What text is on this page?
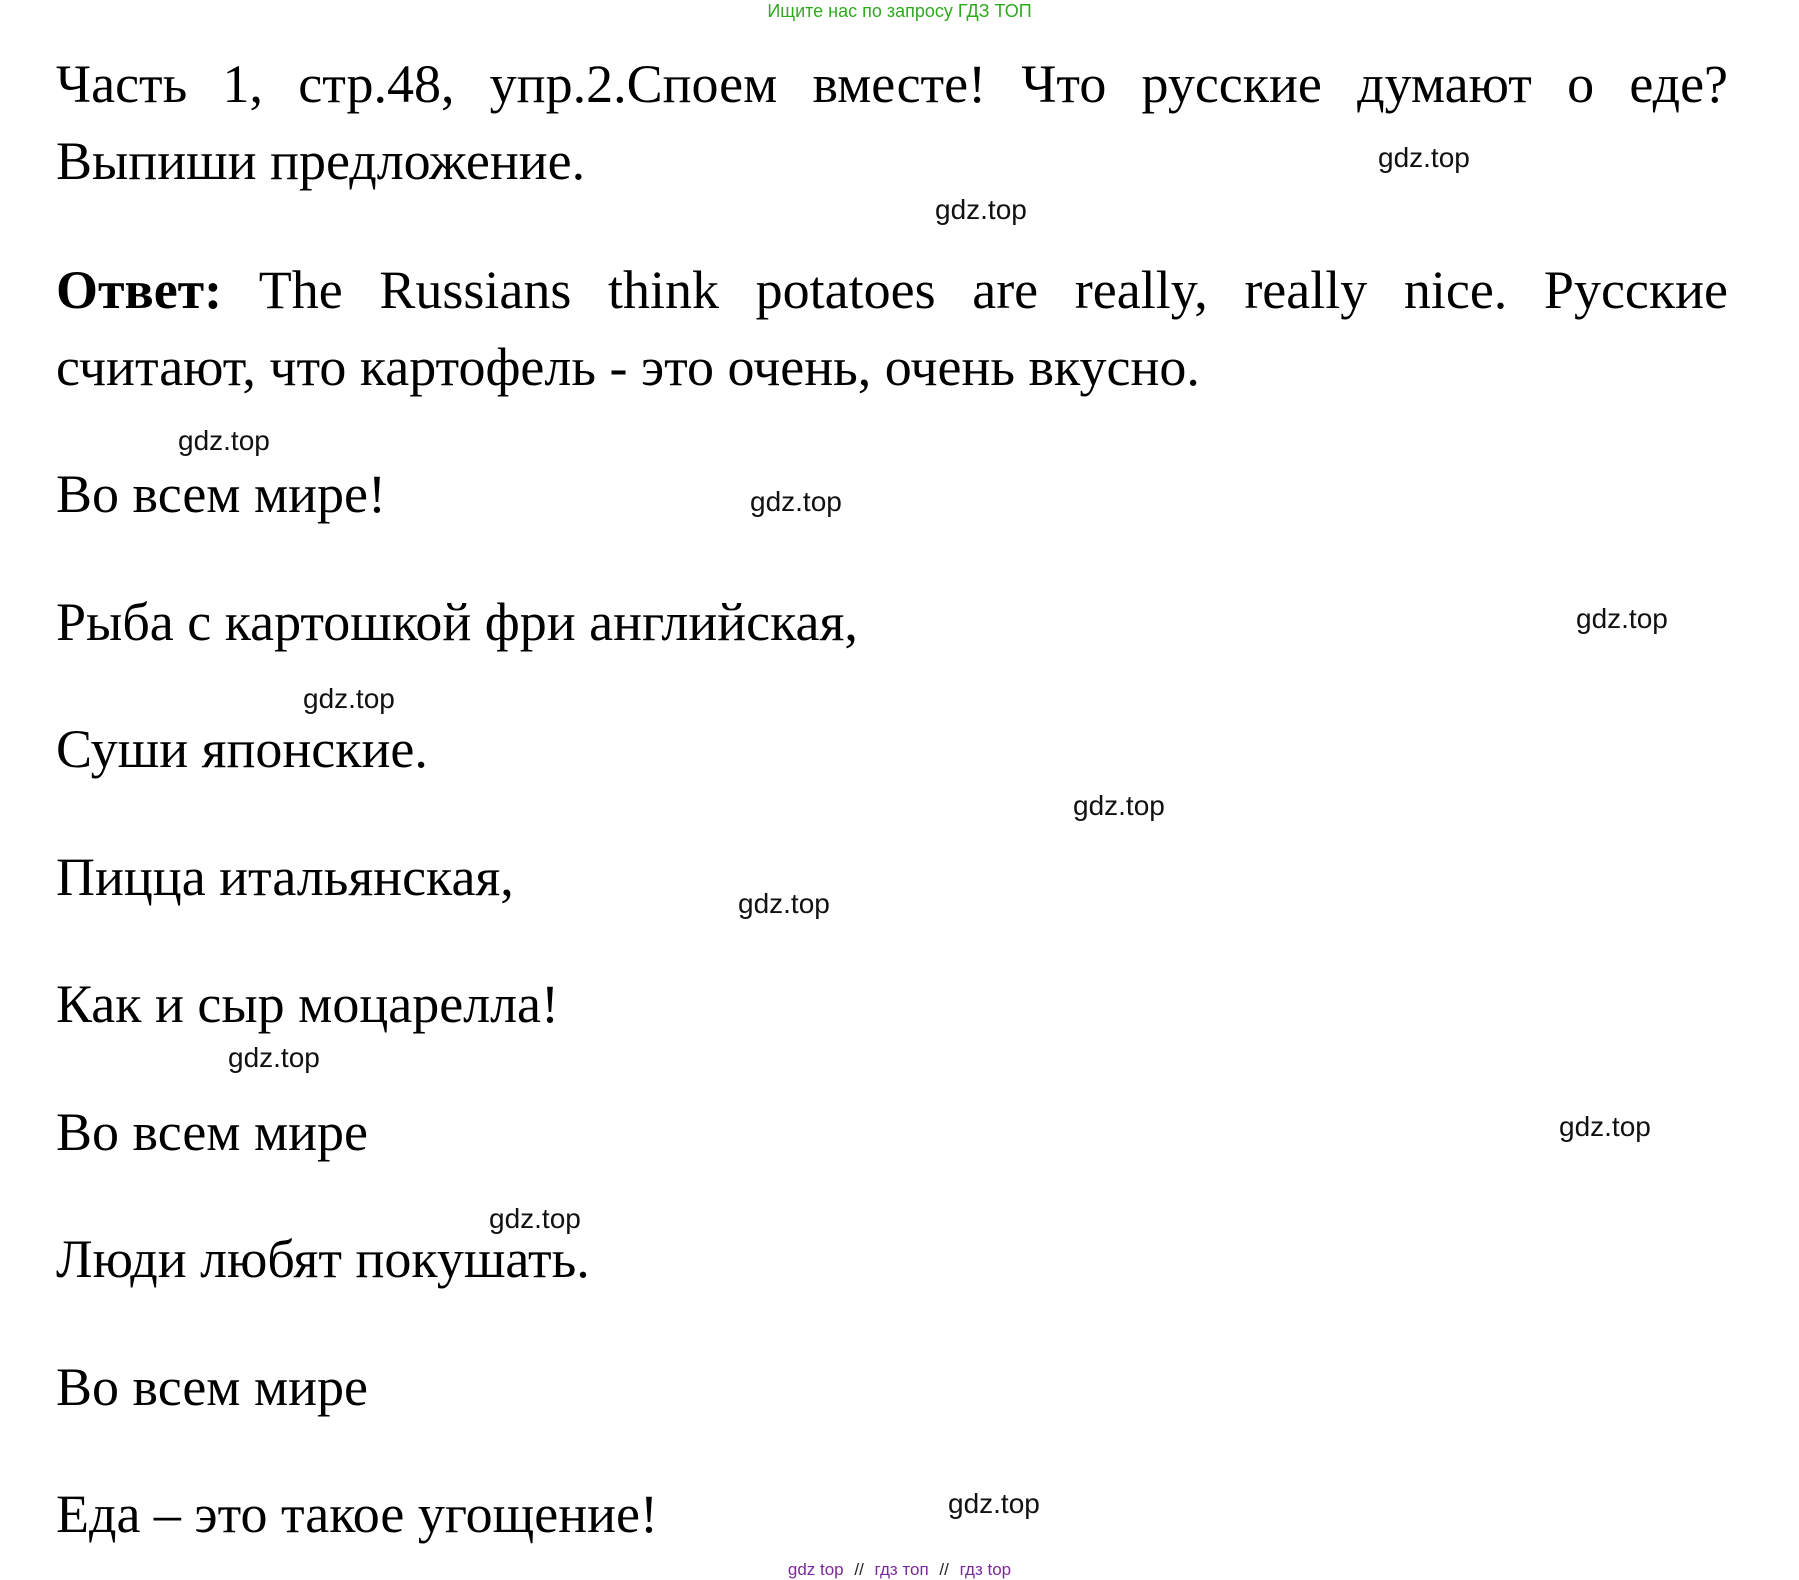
Ищите нас по запросу ГДЗ ТОП

Часть 1, стр.48, упр.2.Споем вместе! Что русские думают о еде? Выпиши предложение.

Ответ: The Russians think potatoes are really, really nice. Русские считают, что картофель - это очень, очень вкусно.

Во всем мире!

Рыба с картошкой фри английская,

Суши японские.

Пицца итальянская,

Как и сыр моцарелла!

Во всем мире

Люди любят покушать.

Во всем мире

Еда – это такое угощение!

gdz.top
gdz.top
gdz.top
gdz.top
gdz.top
gdz.top
gdz.top
gdz.top
gdz.top
gdz.top
gdz.top
gdz.top
gdz top // гдз топ // гдз top
